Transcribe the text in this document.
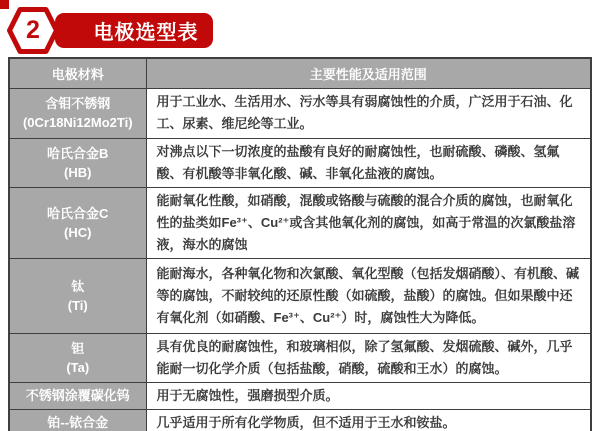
电极选型表
2
电极材料	主要性能及适用范围

含钼不锈钢
(0Cr18Ni12Mo2Ti)	用于工业水、生活用水、污水等具有弱腐蚀性的介质，广泛用于石油、化工、尿素、维尼纶等工业。

哈氏合金B
(HB)	对沸点以下一切浓度的盐酸有良好的耐腐蚀性，也耐硫酸、磷酸、氢氟酸、有机酸等非氧化酸、碱、非氧化盐液的腐蚀。

哈氏合金C
(HC)	能耐氧化性酸，如硝酸，混酸或铬酸与硫酸的混合介质的腐蚀，也耐氧化性的盐类如Fe³⁺、Cu²⁺或含其他氧化剂的腐蚀，如高于常温的次氯酸盐溶液，海水的腐蚀

钛
(Ti)	能耐海水，各种氧化物和次氯酸、氧化型酸（包括发烟硝酸）、有机酸、碱等的腐蚀，不耐较纯的还原性酸（如硫酸，盐酸）的腐蚀。但如果酸中还有氧化剂（如硝酸、Fe³⁺、Cu²⁺）时，腐蚀性大为降低。

钽
(Ta)	具有优良的耐腐蚀性，和玻璃相似，除了氢氟酸、发烟硫酸、碱外，几乎能耐一切化学介质（包括盐酸，硝酸，硫酸和王水）的腐蚀。

不锈钢涂覆碳化钨	用于无腐蚀性，强磨损型介质。

铂--铱合金	几乎适用于所有化学物质，但不适用于王水和铵盐。
